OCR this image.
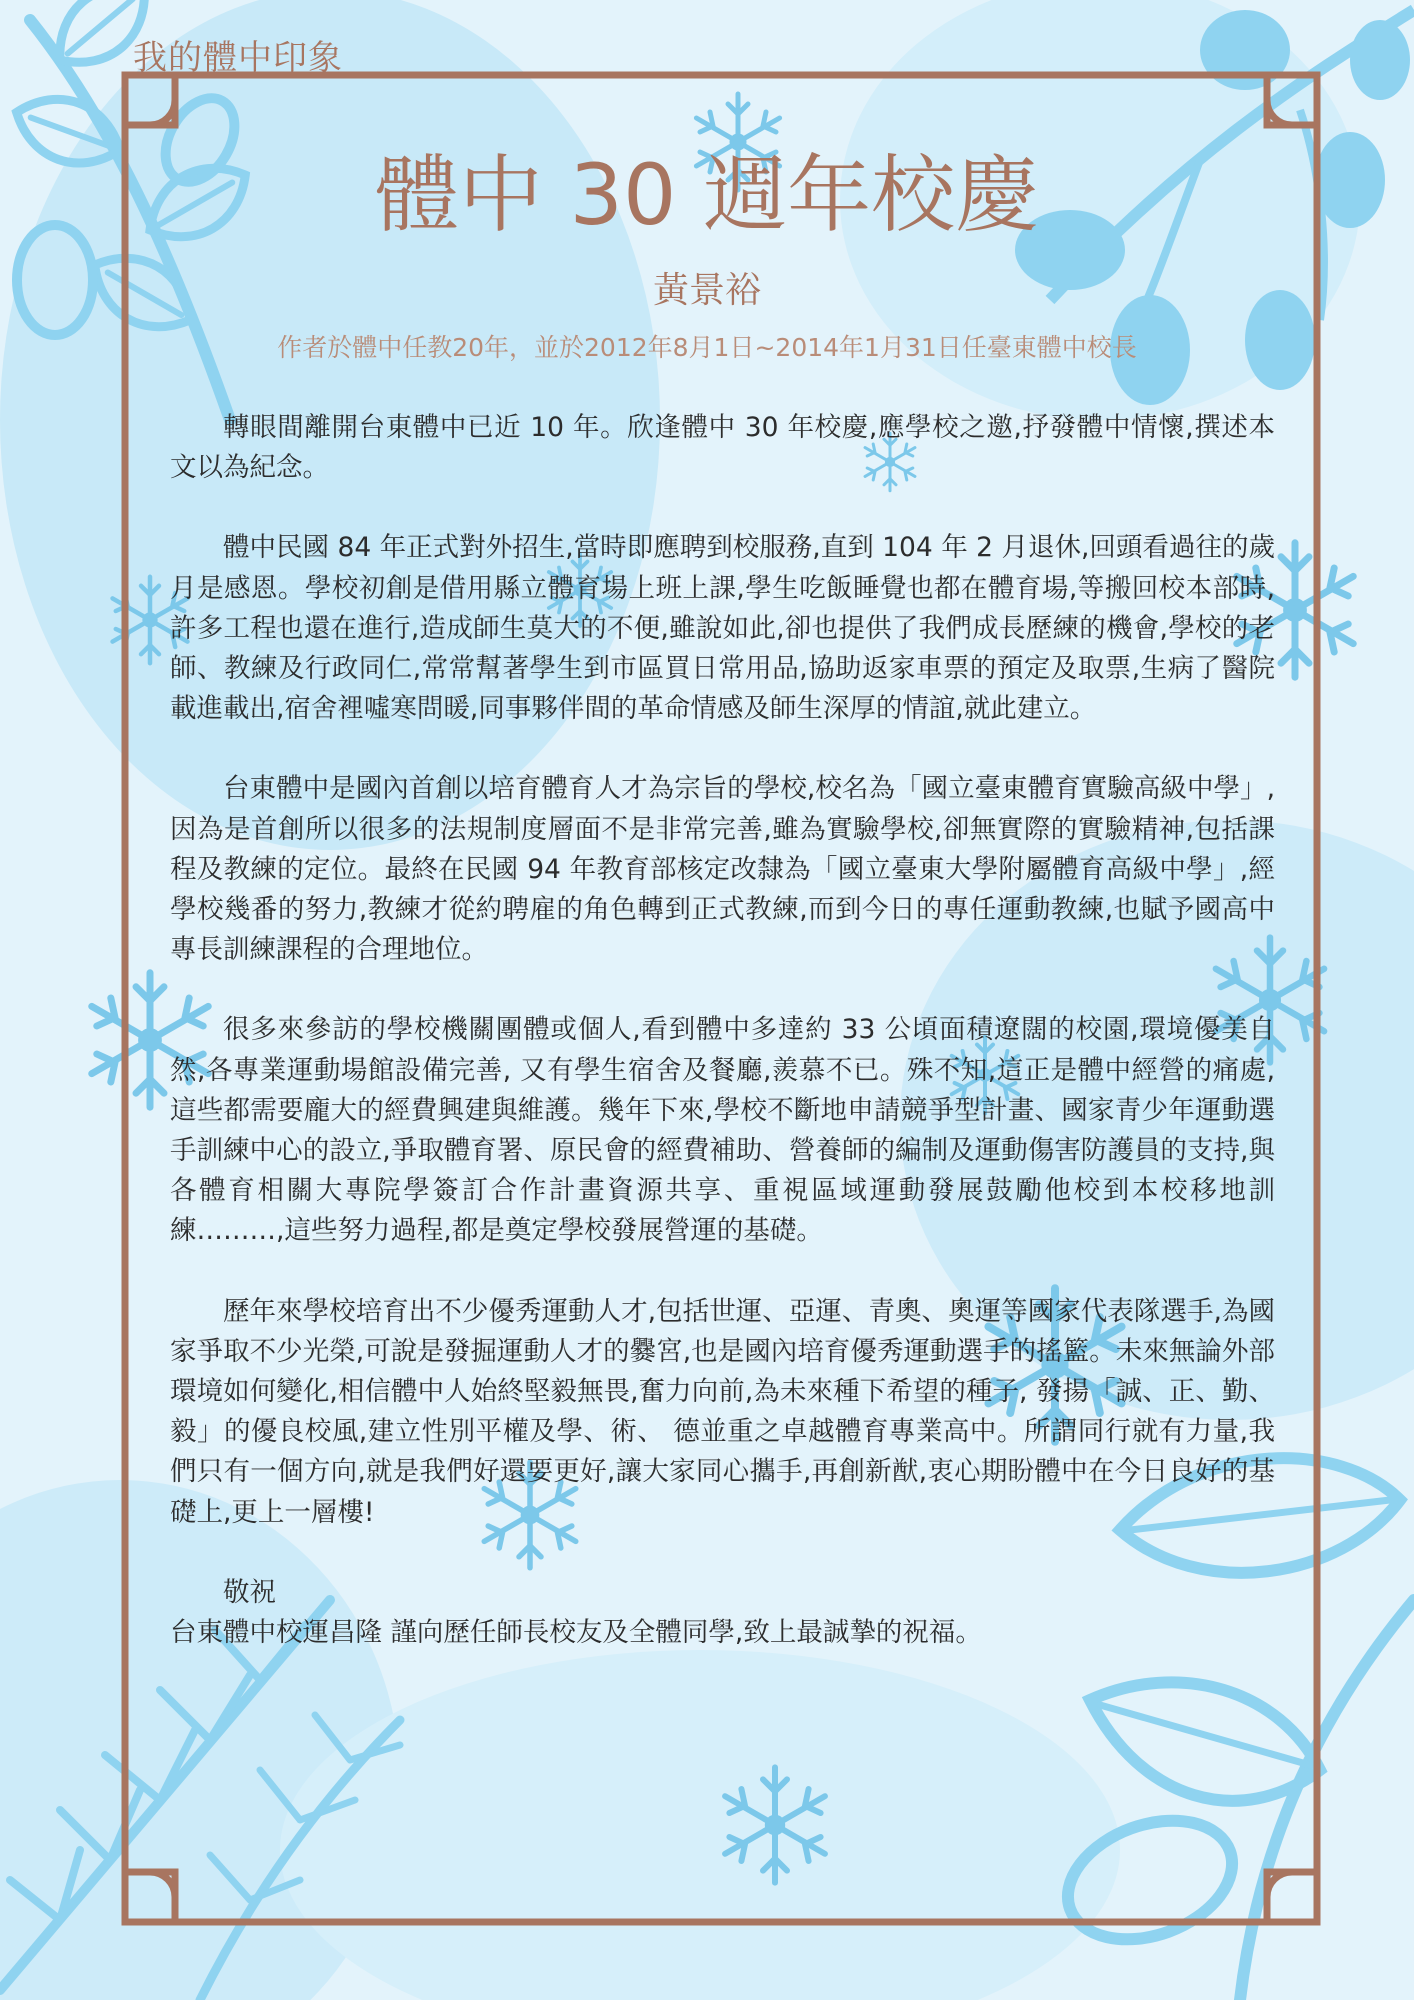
我的體中印象
體中 30 週年校慶
黃景裕
作者於體中任教20年，並於2012年8月1日~2014年1月31日任臺東體中校長

轉眼間離開台東體中已近 10 年。欣逢體中 30 年校慶,應學校之邀,抒發體中情懷,撰述本文以為紀念。

體中民國 84 年正式對外招生,當時即應聘到校服務,直到 104 年 2 月退休,回頭看過往的歲月是感恩。學校初創是借用縣立體育場上班上課,學生吃飯睡覺也都在體育場,等搬回校本部時,許多工程也還在進行,造成師生莫大的不便,雖說如此,卻也提供了我們成長歷練的機會,學校的老師、教練及行政同仁,常常幫著學生到市區買日常用品,協助返家車票的預定及取票,生病了醫院載進載出,宿舍裡噓寒問暖,同事夥伴間的革命情感及師生深厚的情誼,就此建立。

台東體中是國內首創以培育體育人才為宗旨的學校,校名為「國立臺東體育實驗高級中學」,因為是首創所以很多的法規制度層面不是非常完善,雖為實驗學校,卻無實際的實驗精神,包括課程及教練的定位。最終在民國 94 年教育部核定改隸為「國立臺東大學附屬體育高級中學」,經學校幾番的努力,教練才從約聘雇的角色轉到正式教練,而到今日的專任運動教練,也賦予國高中專長訓練課程的合理地位。

很多來參訪的學校機關團體或個人,看到體中多達約 33 公頃面積遼闊的校園,環境優美自然,各專業運動場館設備完善, 又有學生宿舍及餐廳,羨慕不已。殊不知,這正是體中經營的痛處,這些都需要龐大的經費興建與維護。幾年下來,學校不斷地申請競爭型計畫、國家青少年運動選手訓練中心的設立,爭取體育署、原民會的經費補助、營養師的編制及運動傷害防護員的支持,與各體育相關大專院學簽訂合作計畫資源共享、重視區域運動發展鼓勵他校到本校移地訓練………,這些努力過程,都是奠定學校發展營運的基礎。

歷年來學校培育出不少優秀運動人才,包括世運、亞運、青奧、奧運等國家代表隊選手,為國家爭取不少光榮,可說是發掘運動人才的爨宮,也是國內培育優秀運動選手的搖籃。未來無論外部環境如何變化,相信體中人始終堅毅無畏,奮力向前,為未來種下希望的種子, 發揚「誠、正、勤、毅」的優良校風,建立性別平權及學、術、 德並重之卓越體育專業高中。所謂同行就有力量,我們只有一個方向,就是我們好還要更好,讓大家同心攜手,再創新猷,衷心期盼體中在今日良好的基礎上,更上一層樓!

敬祝

台東體中校運昌隆 謹向歷任師長校友及全體同學,致上最誠摯的祝福。
